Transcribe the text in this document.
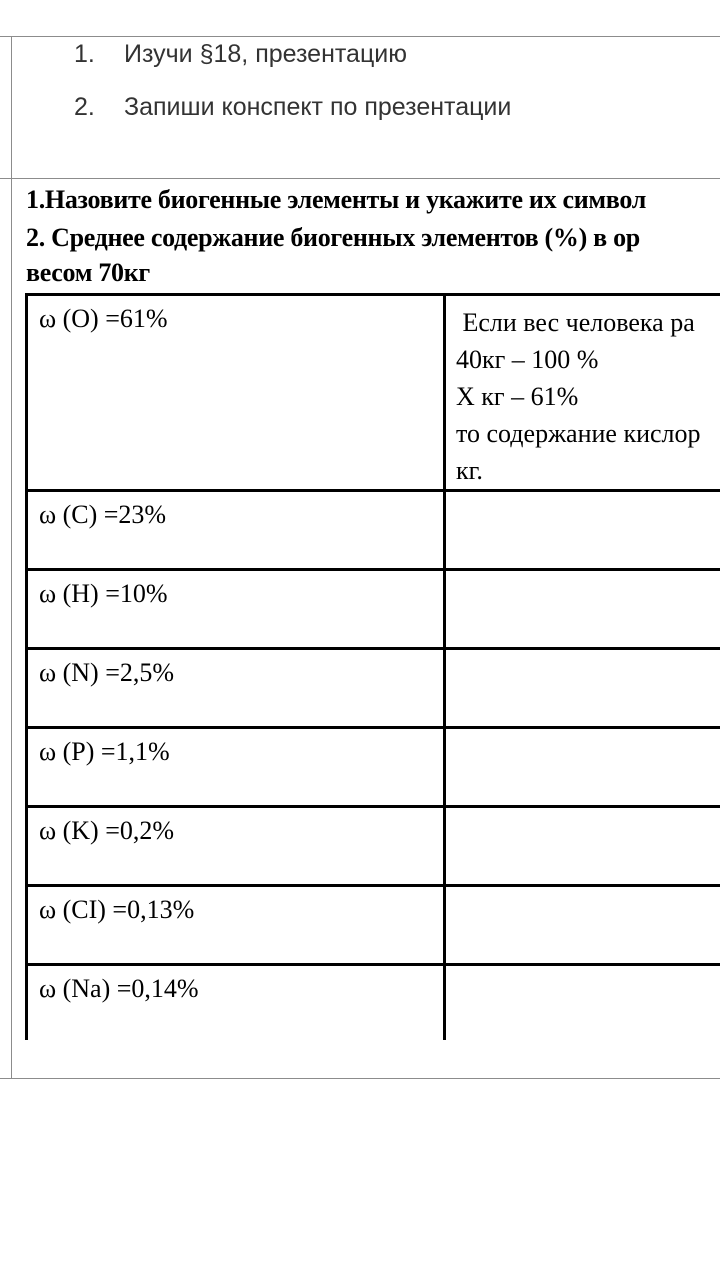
1. Изучи §18, презентацию
2. Запиши конспект по презентации
1.Назовите биогенные элементы и укажите их символ
2. Среднее содержание биогенных элементов (%) в ор
весом 70кг
ω (O) =61%	Если вес человека ра
40кг – 100 %
Х кг – 61%
то содержание кислор
кг.

ω (C) =23%	
ω (H) =10%	
ω (N) =2,5%	
ω (P) =1,1%	
ω (K) =0,2%	
ω (CI) =0,13%	
ω (Na) =0,14%	
